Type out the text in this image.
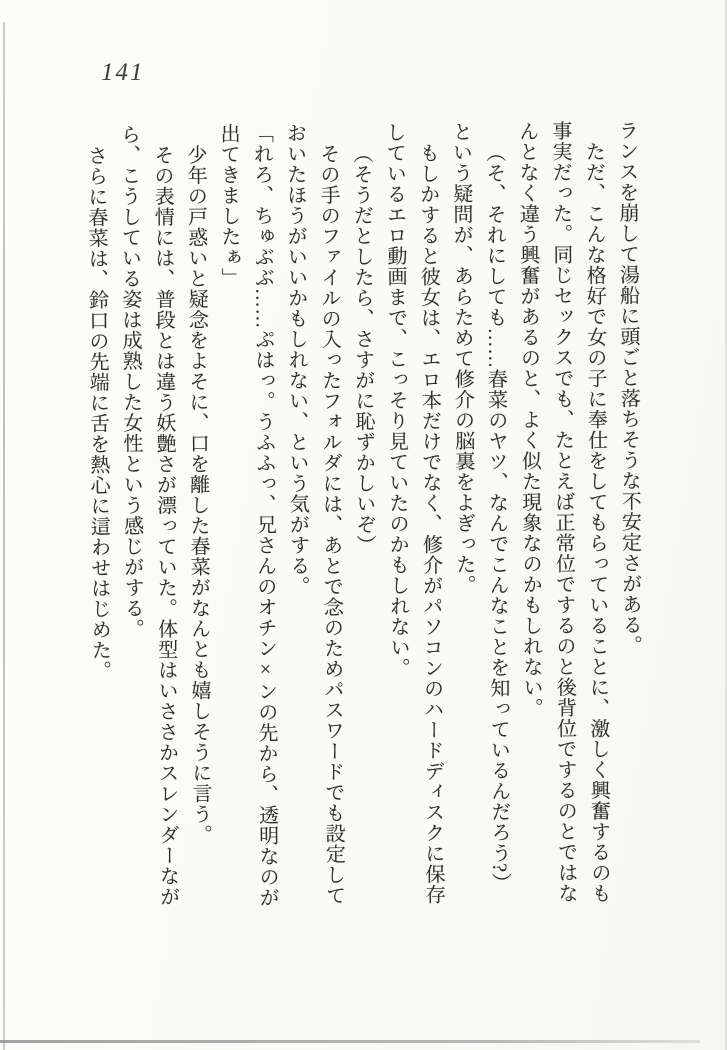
141
ランスを崩して湯船に頭ごと落ちそうな不安定さがある。
ただ、こんな格好で女の子に奉仕をしてもらっていることに、激しく興奮するのも
事実だった。同じセックスでも、たとえば正常位でするのと後背位でするのとではな
んとなく違う興奮があるのと、よく似た現象なのかもしれない。
（そ、それにしても……春菜のヤツ、なんでこんなことを知っているんだろう?）
という疑問が、あらためて修介の脳裏をよぎった。
もしかすると彼女は、エロ本だけでなく、修介がパソコンのハードディスクに保存
しているエロ動画まで、こっそり見ていたのかもしれない。
（そうだとしたら、さすがに恥ずかしいぞ）
その手のファイルの入ったフォルダには、あとで念のためパスワードでも設定して
おいたほうがいいかもしれない、という気がする。
「れろ、ちゅぶぶ……ぷはっ。うふふっ、兄さんのオチン×ンの先から、透明なのが
出てきましたぁ」
少年の戸惑いと疑念をよそに、口を離した春菜がなんとも嬉しそうに言う。
その表情には、普段とは違う妖艶さが漂っていた。体型はいささかスレンダーなが
ら、こうしている姿は成熟した女性という感じがする。
さらに春菜は、鈴口の先端に舌を熱心に這わせはじめた。
